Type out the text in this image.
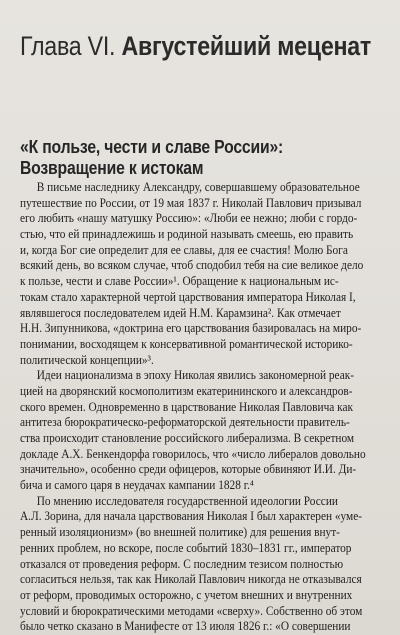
Глава VI. Августейший меценат
«К пользе, чести и славе России»:
Возвращение к истокам
В письме наследнику Александру, совершавшему образовательное
путешествие по России, от 19 мая 1837 г. Николай Павлович призывал
его любить «нашу матушку Россию»: «Люби ее нежно; люби с гордо-
стью, что ей принадлежишь и родиной называть смеешь, ею править
и, когда Бог сие определит для ее славы, для ее счастия! Молю Бога
всякий день, во всяком случае, чтоб сподобил тебя на сие великое дело
к пользе, чести и славе России»¹. Обращение к национальным ис-
токам стало характерной чертой царствования императора Николая I,
являвшегося последователем идей Н.М. Карамзина². Как отмечает
Н.Н. Зипунникова, «доктрина его царствования базировалась на миро-
понимании, восходящем к консервативной романтической историко-
политической концепции»³.
Идеи национализма в эпоху Николая явились закономерной реак-
цией на дворянский космополитизм екатерининского и александров-
ского времен. Одновременно в царствование Николая Павловича как
антитеза бюрократическо-реформаторской деятельности правитель-
ства происходит становление российского либерализма. В секретном
докладе А.Х. Бенкендорфа говорилось, что «число либералов довольно
значительно», особенно среди офицеров, которые обвиняют И.И. Ди-
бича и самого царя в неудачах кампании 1828 г.⁴
По мнению исследователя государственной идеологии России
А.Л. Зорина, для начала царствования Николая I был характерен «уме-
ренный изоляционизм» (во внешней политике) для решения внут-
ренних проблем, но вскоре, после событий 1830–1831 гг., император
отказался от проведения реформ. С последним тезисом полностью
согласиться нельзя, так как Николай Павлович никогда не отказывался
от реформ, проводимых осторожно, с учетом внешних и внутренних
условий и бюрократическими методами «сверху». Собственно об этом
было четко сказано в Манифесте от 13 июля 1826 г.: «О совершении
